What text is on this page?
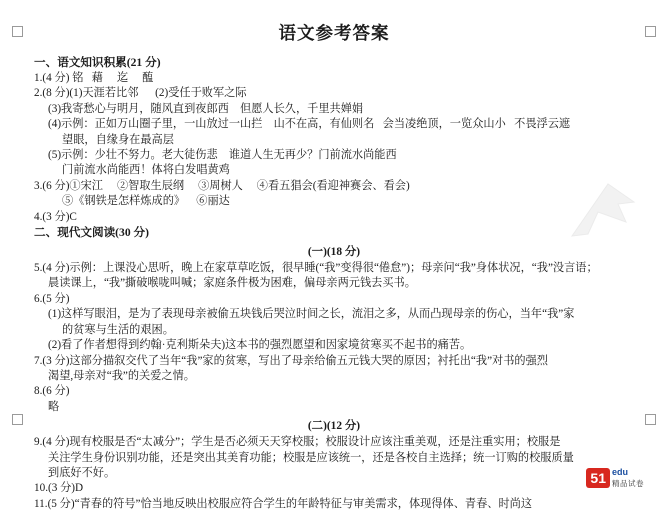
语文参考答案
一、语文知识积累(21 分)
1.(4 分) 铭   藉     迄     醢
2.(8 分)(1)天涯若比邻      (2)受任于败军之际
(3)我寄愁心与明月，随风直到夜郎西    但愿人长久，千里共婵娟
(4)示例：正如万山圈子里，一山放过一山拦    山不在高，有仙则名   会当凌绝顶，一览众山小   不畏浮云遮
望眼，自缘身在最高层
(5)示例：少壮不努力。老大徒伤悲    谁道人生无再少？门前流水尚能西
门前流水尚能西！体将白发唱黄鸡
3.(6 分)①宋江     ②智取生辰纲     ③周树人     ④看五猖会(看迎神赛会、看会)
⑤《钢铁是怎样炼成的》    ⑥丽达
4.(3 分)C
二、现代文阅读(30 分)
(一)(18 分)
5.(4 分)示例：上课没心思听，晚上在家草草吃饭，很早睡(“我”变得很“倦怠”)；母亲问“我”身体状况，“我”没言语；
晨读课上，“我”撕破喉咙叫喊；家庭条件极为困难，偏母亲两元钱去买书。
6.(5 分)
(1)这样写眼泪，是为了表现母亲被偷五块钱后哭泣时间之长，流泪之多，从而凸现母亲的伤心，当年“我”家
的贫寒与生活的艰困。
(2)看了作者想得到约翰·克利斯朵夫)这本书的强烈愿望和因家境贫寒买不起书的痛苦。
7.(3 分)这部分描叙交代了当年“我”家的贫寒，写出了母亲给偷五元钱大哭的原因；衬托出“我”对书的强烈
渴望,母亲对“我”的关爱之情。
8.(6 分)
略
(二)(12 分)
9.(4 分)现有校服是否“太减分”；学生是否必须天天穿校服；校服设计应该注重美观，还是注重实用；校服是
关注学生身份识别功能，还是突出其美育功能；校服是应该统一，还是各校自主选择；统一订购的校服质量
到底好不好。
10.(3 分)D
11.(5 分)“青春的符号”恰当地反映出校服应符合学生的年龄特征与审美需求，体现得体、青春、时尚这
51 edu
精品试卷
